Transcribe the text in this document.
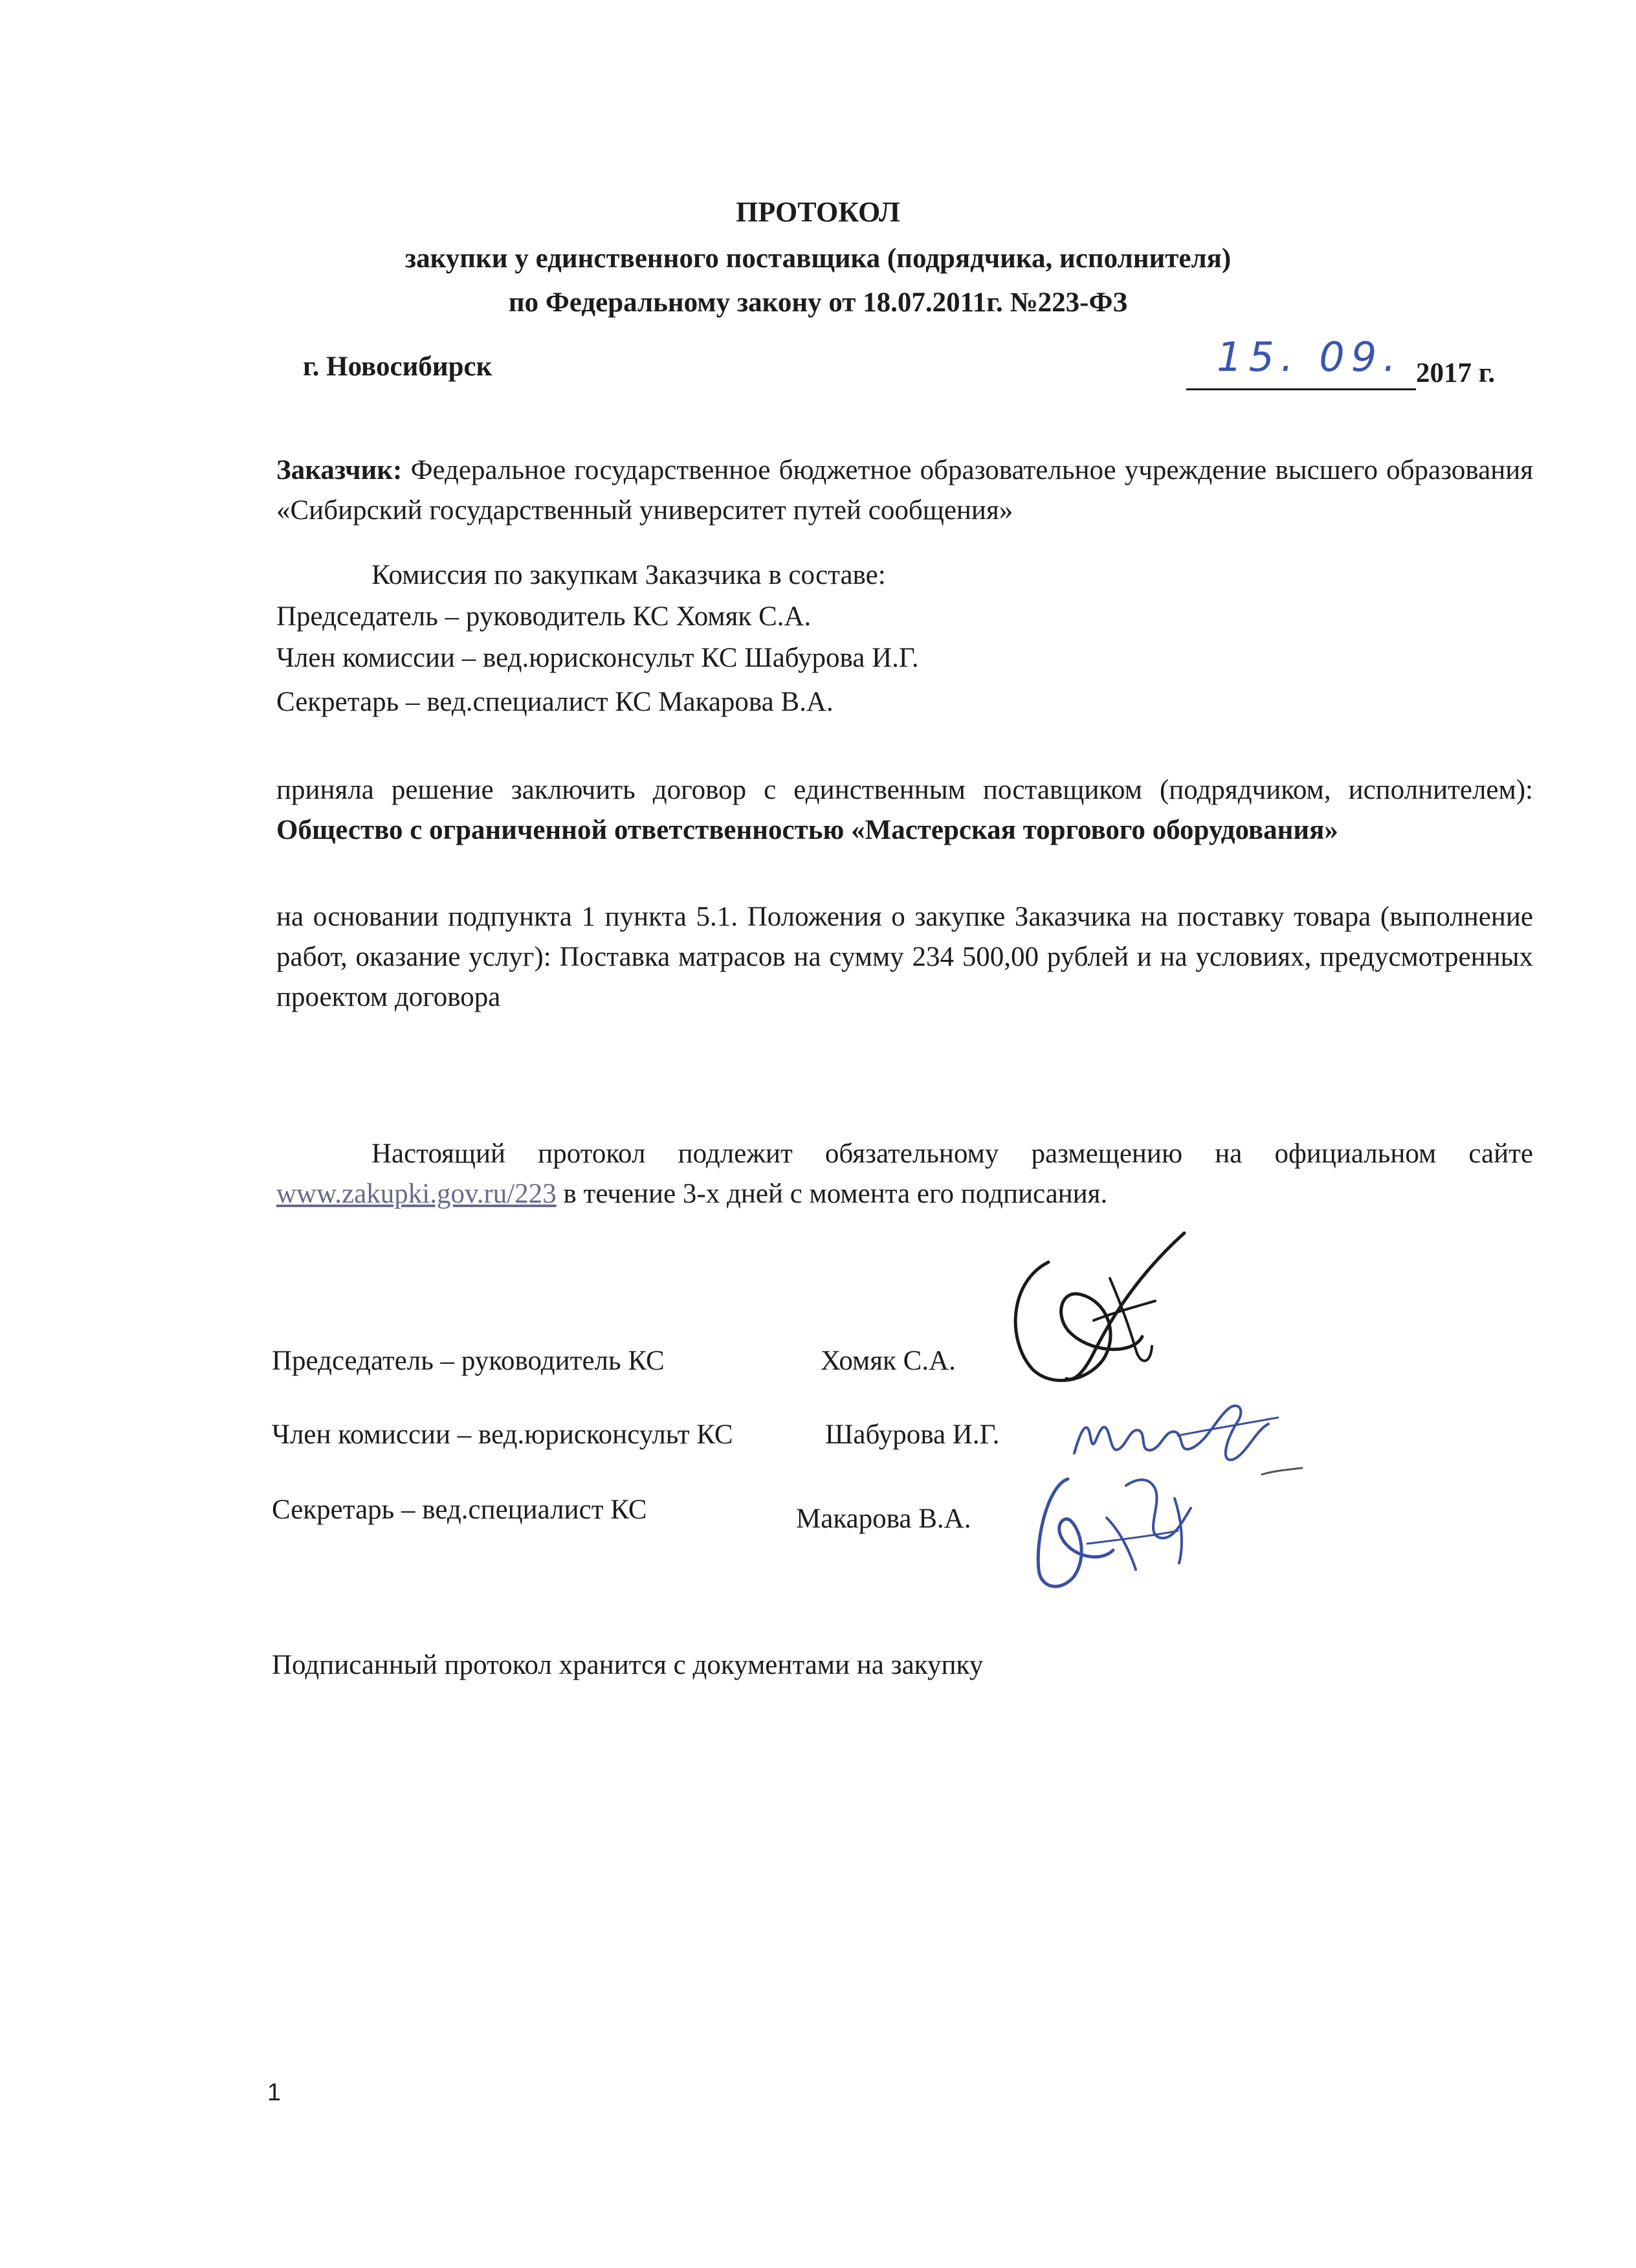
ПРОТОКОЛ
закупки у единственного поставщика (подрядчика, исполнителя)
по Федеральному закону от 18.07.2011г. №223-ФЗ
г. Новосибирск	15. 09. 2017 г.
Заказчик: Федеральное государственное бюджетное образовательное учреждение высшего образования «Сибирский государственный университет путей сообщения»
Комиссия по закупкам Заказчика в составе:
Председатель – руководитель КС Хомяк С.А.
Член комиссии – вед.юрисконсульт КС Шабурова И.Г.
Секретарь – вед.специалист КС Макарова В.А.
приняла решение заключить договор с единственным поставщиком (подрядчиком, исполнителем): Общество с ограниченной ответственностью «Мастерская торгового оборудования»
на основании подпункта 1 пункта 5.1. Положения о закупке Заказчика на поставку товара (выполнение работ, оказание услуг): Поставка матрасов на сумму 234 500,00 рублей и на условиях, предусмотренных проектом договора
Настоящий протокол подлежит обязательному размещению на официальном сайте www.zakupki.gov.ru/223 в течение 3-х дней с момента его подписания.
Председатель – руководитель КС	Хомяк С.А.
Член комиссии – вед.юрисконсульт КС	Шабурова И.Г.
Секретарь – вед.специалист КС	Макарова В.А.
Подписанный протокол хранится с документами на закупку
1
